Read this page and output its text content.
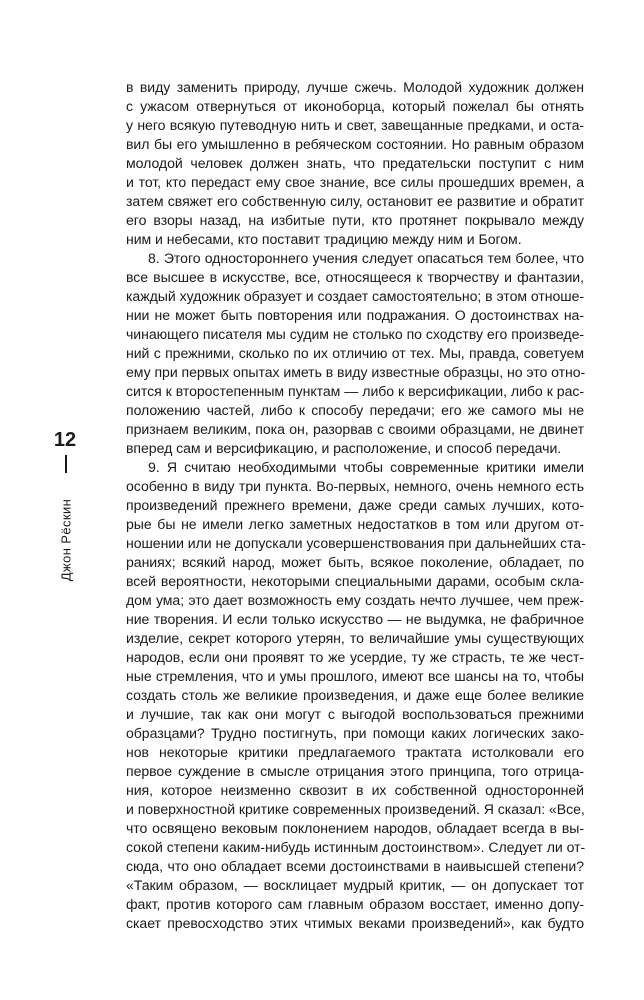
12
Джон Рёскин
в виду заменить природу, лучше сжечь. Молодой художник должен
с ужасом отвернуться от иконоборца, который пожелал бы отнять
у него всякую путеводную нить и свет, завещанные предками, и оста-
вил бы его умышленно в ребяческом состоянии. Но равным образом
молодой человек должен знать, что предательски поступит с ним
и тот, кто передаст ему свое знание, все силы прошедших времен, а
затем свяжет его собственную силу, остановит ее развитие и обратит
его взоры назад, на избитые пути, кто протянет покрывало между
ним и небесами, кто поставит традицию между ним и Богом.
8. Этого одностороннего учения следует опасаться тем более, что
все высшее в искусстве, все, относящееся к творчеству и фантазии,
каждый художник образует и создает самостоятельно; в этом отноше-
нии не может быть повторения или подражания. О достоинствах на-
чинающего писателя мы судим не столько по сходству его произведе-
ний с прежними, сколько по их отличию от тех. Мы, правда, советуем
ему при первых опытах иметь в виду известные образцы, но это отно-
сится к второстепенным пунктам — либо к версификации, либо к рас-
положению частей, либо к способу передачи; его же самого мы не
признаем великим, пока он, разорвав с своими образцами, не двинет
вперед сам и версификацию, и расположение, и способ передачи.
9. Я считаю необходимыми чтобы современные критики имели
особенно в виду три пункта. Во-первых, немного, очень немного есть
произведений прежнего времени, даже среди самых лучших, кото-
рые бы не имели легко заметных недостатков в том или другом от-
ношении или не допускали усовершенствования при дальнейших ста-
раниях; всякий народ, может быть, всякое поколение, обладает, по
всей вероятности, некоторыми специальными дарами, особым скла-
дом ума; это дает возможность ему создать нечто лучшее, чем преж-
ние творения. И если только искусство — не выдумка, не фабричное
изделие, секрет которого утерян, то величайшие умы существующих
народов, если они проявят то же усердие, ту же страсть, те же чест-
ные стремления, что и умы прошлого, имеют все шансы на то, чтобы
создать столь же великие произведения, и даже еще более великие
и лучшие, так как они могут с выгодой воспользоваться прежними
образцами? Трудно постигнуть, при помощи каких логических зако-
нов некоторые критики предлагаемого трактата истолковали его
первое суждение в смысле отрицания этого принципа, того отрица-
ния, которое неизменно сквозит в их собственной односторонней
и поверхностной критике современных произведений. Я сказал: «Все,
что освящено вековым поклонением народов, обладает всегда в вы-
сокой степени каким-нибудь истинным достоинством». Следует ли от-
сюда, что оно обладает всеми достоинствами в наивысшей степени?
«Таким образом, — восклицает мудрый критик, — он допускает тот
факт, против которого сам главным образом восстает, именно допу-
скает превосходство этих чтимых веками произведений», как будто
